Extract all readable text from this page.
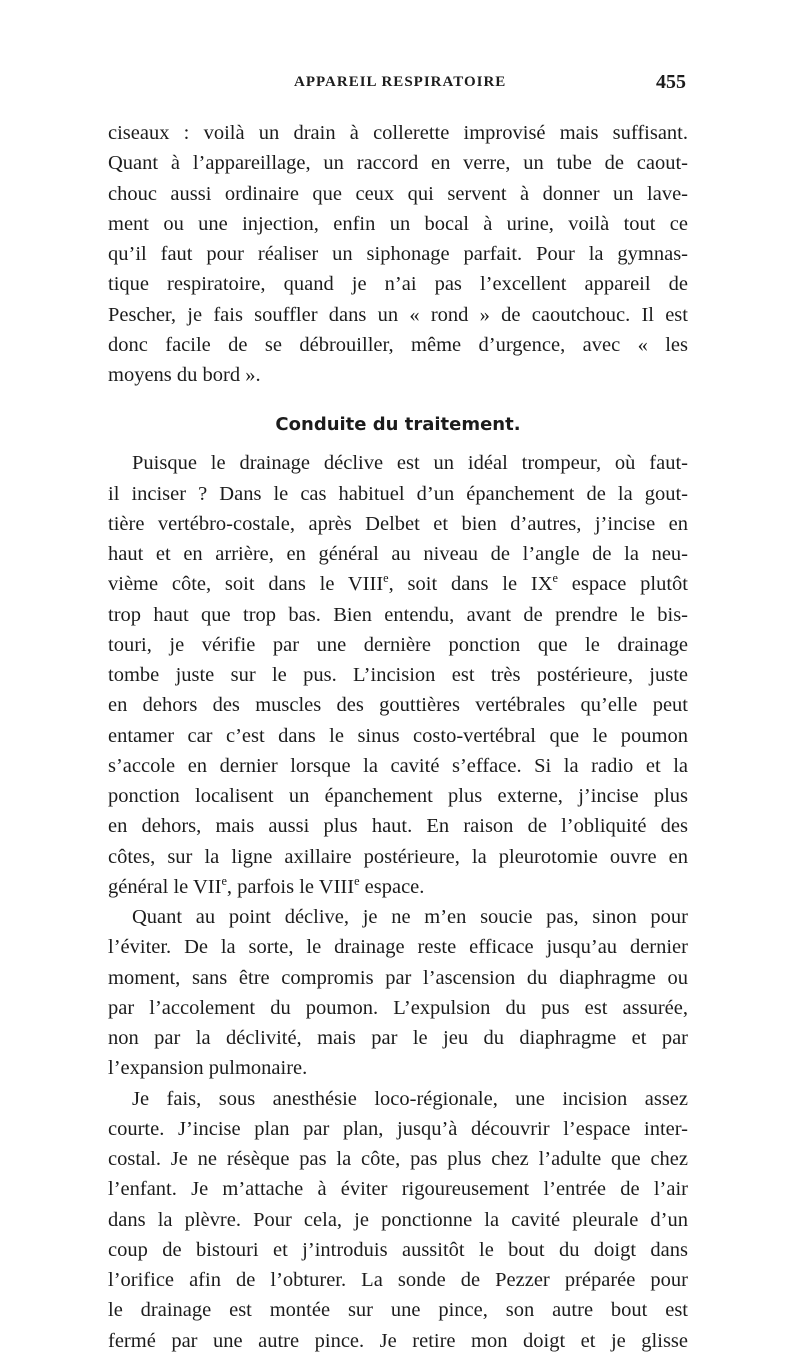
APPAREIL RESPIRATOIRE	455
ciseaux : voilà un drain à collerette improvisé mais suffisant.
Quant à l’appareillage, un raccord en verre, un tube de caout-
chouc aussi ordinaire que ceux qui servent à donner un lave-
ment ou une injection, enfin un bocal à urine, voilà tout ce
qu’il faut pour réaliser un siphonage parfait. Pour la gymnas-
tique respiratoire, quand je n’ai pas l’excellent appareil de
Pescher, je fais souffler dans un « rond » de caoutchouc. Il est
donc facile de se débrouiller, même d’urgence, avec « les
moyens du bord ».
Conduite du traitement.
Puisque le drainage déclive est un idéal trompeur, où faut-
il inciser ? Dans le cas habituel d’un épanchement de la gout-
tière vertébro-costale, après Delbet et bien d’autres, j’incise en
haut et en arrière, en général au niveau de l’angle de la neu-
vième côte, soit dans le VIIIe, soit dans le IXe espace plutôt
trop haut que trop bas. Bien entendu, avant de prendre le bis-
touri, je vérifie par une dernière ponction que le drainage
tombe juste sur le pus. L’incision est très postérieure, juste
en dehors des muscles des gouttières vertébrales qu’elle peut
entamer car c’est dans le sinus costo-vertébral que le poumon
s’accole en dernier lorsque la cavité s’efface. Si la radio et la
ponction localisent un épanchement plus externe, j’incise plus
en dehors, mais aussi plus haut. En raison de l’obliquité des
côtes, sur la ligne axillaire postérieure, la pleurotomie ouvre en
général le VIIe, parfois le VIIIe espace.
Quant au point déclive, je ne m’en soucie pas, sinon pour
l’éviter. De la sorte, le drainage reste efficace jusqu’au dernier
moment, sans être compromis par l’ascension du diaphragme ou
par l’accolement du poumon. L’expulsion du pus est assurée,
non par la déclivité, mais par le jeu du diaphragme et par
l’expansion pulmonaire.
Je fais, sous anesthésie loco-régionale, une incision assez
courte. J’incise plan par plan, jusqu’à découvrir l’espace inter-
costal. Je ne résèque pas la côte, pas plus chez l’adulte que chez
l’enfant. Je m’attache à éviter rigoureusement l’entrée de l’air
dans la plèvre. Pour cela, je ponctionne la cavité pleurale d’un
coup de bistouri et j’introduis aussitôt le bout du doigt dans
l’orifice afin de l’obturer. La sonde de Pezzer préparée pour
le drainage est montée sur une pince, son autre bout est
fermé par une autre pince. Je retire mon doigt et je glisse
